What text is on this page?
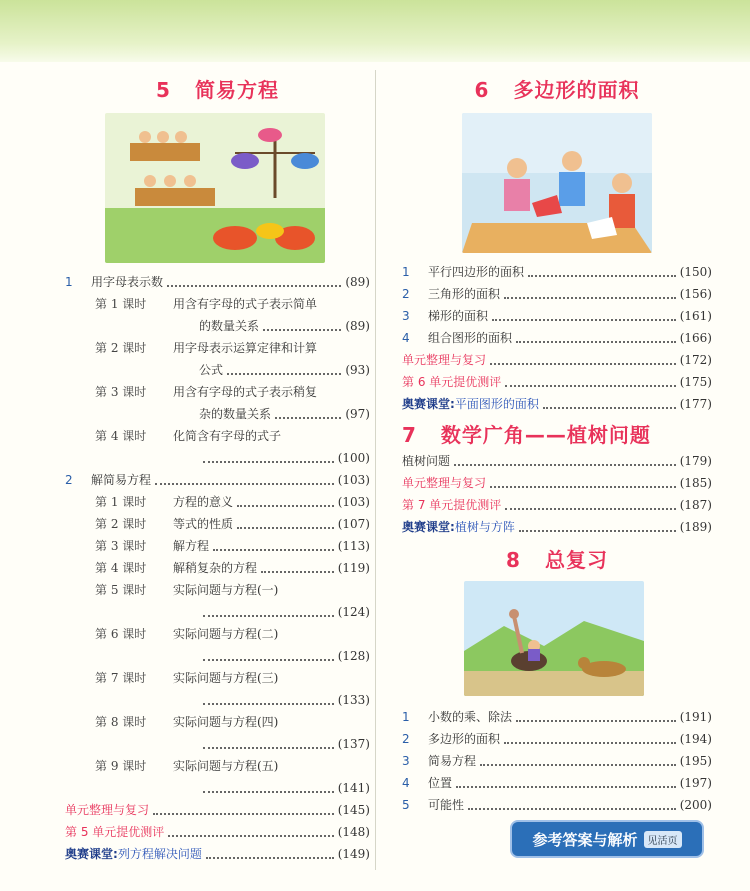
5 简易方程
1	用字母表示数	(89)
第 1 课时	用含有字母的式子表示简单
的数量关系	(89)
第 2 课时	用字母表示运算定律和计算
公式	(93)
第 3 课时	用含有字母的式子表示稍复
杂的数量关系	(97)
第 4 课时	化简含有字母的式子
(100)
2	解简易方程	(103)
第 1 课时	方程的意义	(103)
第 2 课时	等式的性质	(107)
第 3 课时	解方程	(113)
第 4 课时	解稍复杂的方程	(119)
第 5 课时	实际问题与方程(一)
(124)
第 6 课时	实际问题与方程(二)
(128)
第 7 课时	实际问题与方程(三)
(133)
第 8 课时	实际问题与方程(四)
(137)
第 9 课时	实际问题与方程(五)
(141)
单元整理与复习	(145)
第 5 单元提优测评	(148)
奥赛课堂: 列方程解决问题	(149)
6 多边形的面积
1	平行四边形的面积	(150)
2	三角形的面积	(156)
3	梯形的面积	(161)
4	组合图形的面积	(166)
单元整理与复习	(172)
第 6 单元提优测评	(175)
奥赛课堂: 平面图形的面积	(177)
7 数学广角——植树问题
植树问题	(179)
单元整理与复习	(185)
第 7 单元提优测评	(187)
奥赛课堂: 植树与方阵	(189)
8 总复习
1	小数的乘、除法	(191)
2	多边形的面积	(194)
3	简易方程	(195)
4	位置	(197)
5	可能性	(200)
参考答案与解析	见活页
